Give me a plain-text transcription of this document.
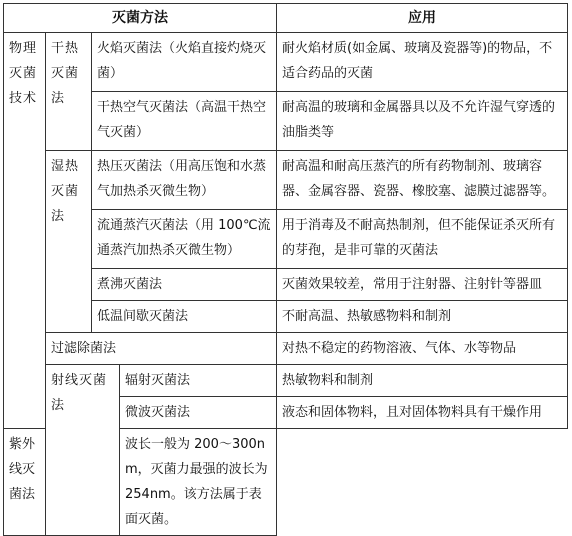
灭菌方法				应用
物理灭菌技术	干热灭菌法	火焰灭菌法（火焰直接灼烧灭菌）		耐火焰材质(如金属、玻璃及瓷器等)的物品，不适合药品的灭菌
		干热空气灭菌法（高温干热空气灭菌）		耐高温的玻璃和金属器具以及不允许湿气穿透的油脂类等
	湿热灭菌法	热压灭菌法（用高压饱和水蒸气加热杀灭微生物）		耐高温和耐高压蒸汽的所有药物制剂、玻璃容器、金属容器、瓷器、橡胶塞、滤膜过滤器等。
		流通蒸汽灭菌法（用 100℃流通蒸汽加热杀灭微生物）		用于消毒及不耐高热制剂，但不能保证杀灭所有的芽孢，是非可靠的灭菌法
		煮沸灭菌法		灭菌效果较差，常用于注射器、注射针等器皿
		低温间歇灭菌法		不耐高温、热敏感物料和制剂
	过滤除菌法			对热不稳定的药物溶液、气体、水等物品
	射线灭菌法		辐射灭菌法	热敏物料和制剂
			微波灭菌法	液态和固体物料，且对固体物料具有干燥作用
紫外线灭菌法			波长一般为 200～300nm，灭菌力最强的波长为 254nm。该方法属于表面灭菌。	
